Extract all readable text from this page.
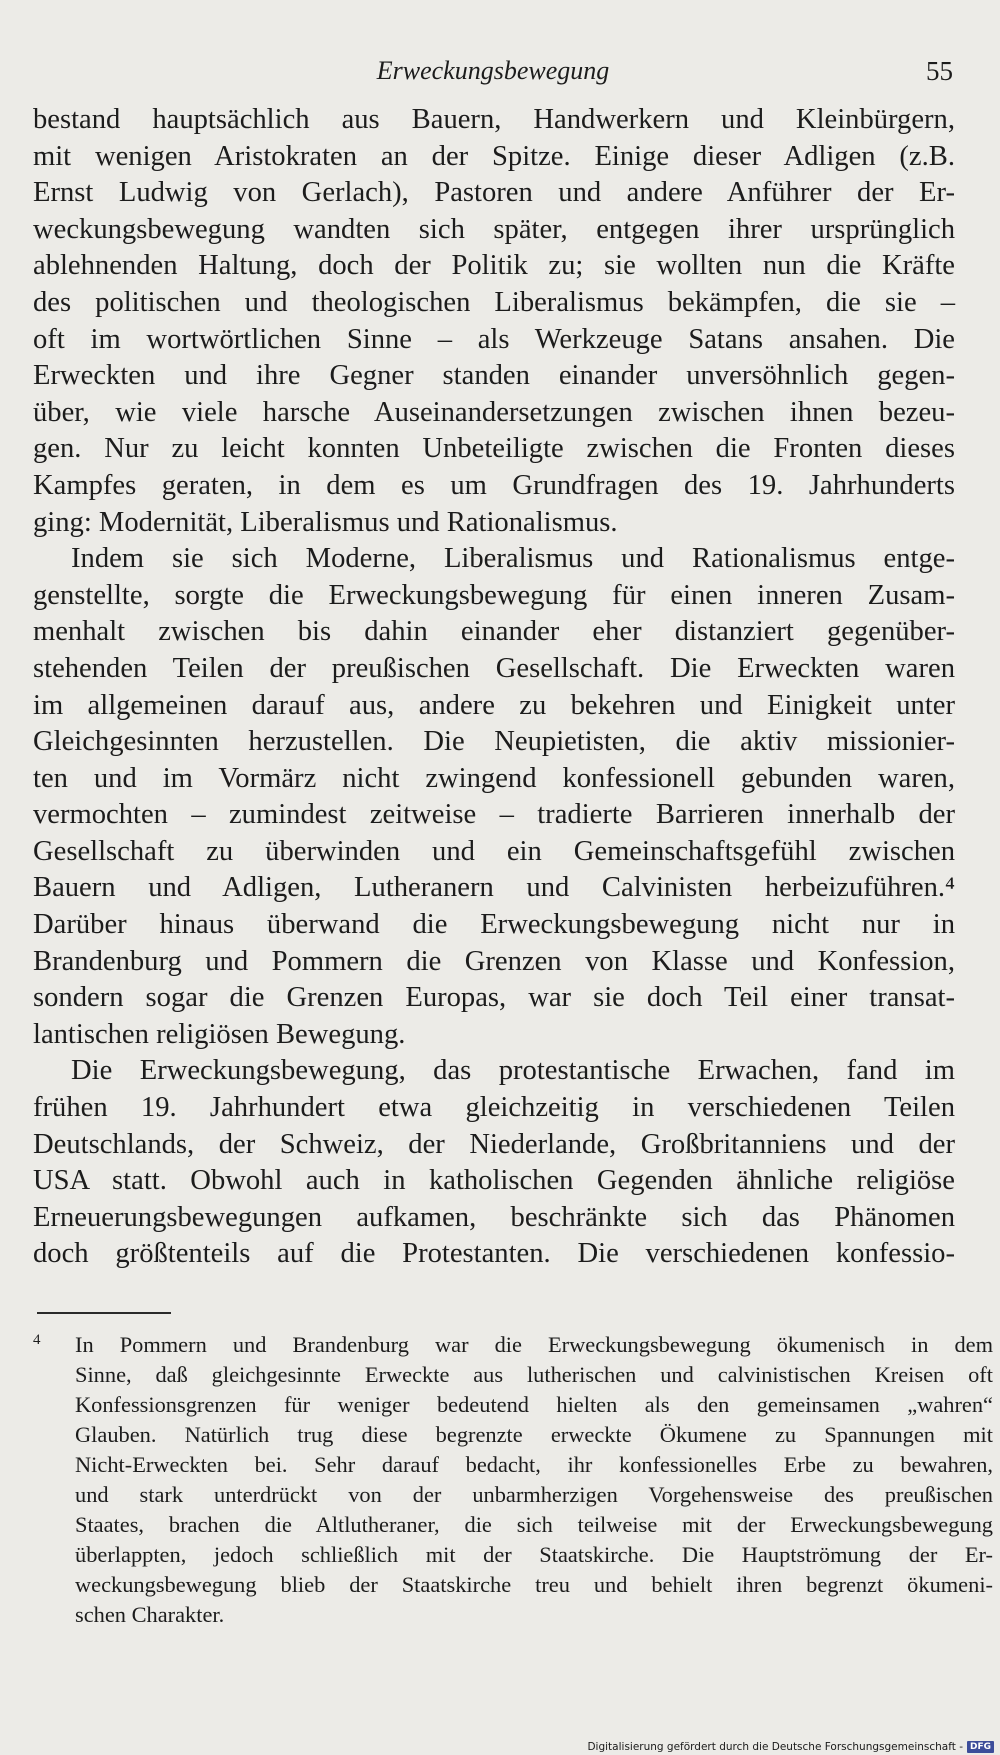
Erweckungsbewegung	55
bestand hauptsächlich aus Bauern, Handwerkern und Kleinbürgern,
mit wenigen Aristokraten an der Spitze. Einige dieser Adligen (z.B.
Ernst Ludwig von Gerlach), Pastoren und andere Anführer der Er-
weckungsbewegung wandten sich später, entgegen ihrer ursprünglich
ablehnenden Haltung, doch der Politik zu; sie wollten nun die Kräfte
des politischen und theologischen Liberalismus bekämpfen, die sie –
oft im wortwörtlichen Sinne – als Werkzeuge Satans ansahen. Die
Erweckten und ihre Gegner standen einander unversöhnlich gegen-
über, wie viele harsche Auseinandersetzungen zwischen ihnen bezeu-
gen. Nur zu leicht konnten Unbeteiligte zwischen die Fronten dieses
Kampfes geraten, in dem es um Grundfragen des 19. Jahrhunderts
ging: Modernität, Liberalismus und Rationalismus.
Indem sie sich Moderne, Liberalismus und Rationalismus entge-
genstellte, sorgte die Erweckungsbewegung für einen inneren Zusam-
menhalt zwischen bis dahin einander eher distanziert gegenüber-
stehenden Teilen der preußischen Gesellschaft. Die Erweckten waren
im allgemeinen darauf aus, andere zu bekehren und Einigkeit unter
Gleichgesinnten herzustellen. Die Neupietisten, die aktiv missionier-
ten und im Vormärz nicht zwingend konfessionell gebunden waren,
vermochten – zumindest zeitweise – tradierte Barrieren innerhalb der
Gesellschaft zu überwinden und ein Gemeinschaftsgefühl zwischen
Bauern und Adligen, Lutheranern und Calvinisten herbeizuführen.⁴
Darüber hinaus überwand die Erweckungsbewegung nicht nur in
Brandenburg und Pommern die Grenzen von Klasse und Konfession,
sondern sogar die Grenzen Europas, war sie doch Teil einer transat-
lantischen religiösen Bewegung.
Die Erweckungsbewegung, das protestantische Erwachen, fand im
frühen 19. Jahrhundert etwa gleichzeitig in verschiedenen Teilen
Deutschlands, der Schweiz, der Niederlande, Großbritanniens und der
USA statt. Obwohl auch in katholischen Gegenden ähnliche religiöse
Erneuerungsbewegungen aufkamen, beschränkte sich das Phänomen
doch größtenteils auf die Protestanten. Die verschiedenen konfessio-
4 In Pommern und Brandenburg war die Erweckungsbewegung ökumenisch in dem
Sinne, daß gleichgesinnte Erweckte aus lutherischen und calvinistischen Kreisen oft
Konfessionsgrenzen für weniger bedeutend hielten als den gemeinsamen „wahren“
Glauben. Natürlich trug diese begrenzte erweckte Ökumene zu Spannungen mit
Nicht-Erweckten bei. Sehr darauf bedacht, ihr konfessionelles Erbe zu bewahren,
und stark unterdrückt von der unbarmherzigen Vorgehensweise des preußischen
Staates, brachen die Altlutheraner, die sich teilweise mit der Erweckungsbewegung
überlappten, jedoch schließlich mit der Staatskirche. Die Hauptströmung der Er-
weckungsbewegung blieb der Staatskirche treu und behielt ihren begrenzt ökumeni-
schen Charakter.
Digitalisierung gefördert durch die Deutsche Forschungsgemeinschaft - DFG
